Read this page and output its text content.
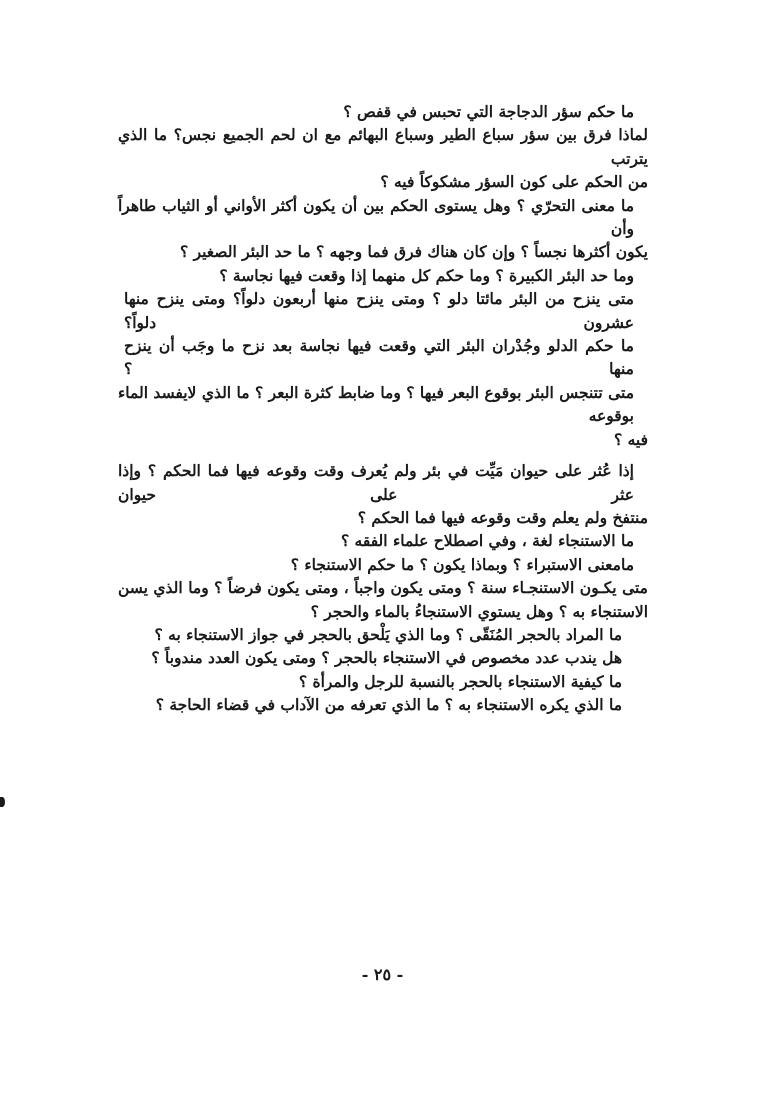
ما حكم سؤر الدجاجة التي تحبس في قفص ؟
لماذا فرق بين سؤر سباع الطير وسباع البهائم مع ان لحم الجميع نجس؟ ما الذي يترتب
من الحكم على كون السؤر مشكوكاً فيه ؟
ما معنى التحرّي ؟ وهل يستوى الحكم بين أن يكون أكثر الأواني أو الثياب طاهراً وأن
يكون أكثرها نجساً ؟ وإن كان هناك فرق فما وجهه ؟ ما حد البئر الصغير ؟
وما حد البئر الكبيرة ؟ وما حكم كل منهما إذا وقعت فيها نجاسة ؟
متى ينزح من البئر مائتا دلو ؟ ومتى ينزح منها أربعون دلواً؟ ومتى ينزح منها عشرون دلواً؟
ما حكم الدلو وجُدْران البئر التي وقعت فيها نجاسة بعد نزح ما وجَب أن ينزح منها ؟
متى تتنجس البئر بوقوع البعر فيها ؟ وما ضابط كثرة البعر ؟ ما الذي لايفسد الماء بوقوعه
فيه ؟
إذا عُثر على حيوان مَيِّت في بئر ولم يُعرف وقت وقوعه فيها فما الحكم ؟ وإذا عثر على حيوان
منتفخ ولم يعلم وقت وقوعه فيها فما الحكم ؟
ما الاستنجاء لغة ، وفي اصطلاح علماء الفقه ؟
مامعنى الاستبراء ؟ وبماذا يكون ؟ ما حكم الاستنجاء ؟
متى يكـون الاستنجـاء سنة ؟ ومتى يكون واجباً ، ومتى يكون فرضاً ؟ وما الذي يسن
الاستنجاء به ؟ وهل يستوي الاستنجاءُ بالماء والحجر ؟
ما المراد بالحجر المُنَقّى ؟ وما الذي يَلْحق بالحجر في جواز الاستنجاء به ؟
هل يندب عدد مخصوص في الاستنجاء بالحجر ؟ ومتى يكون العدد مندوباً ؟
ما كيفية الاستنجاء بالحجر بالنسبة للرجل والمرأة ؟
ما الذي يكره الاستنجاء به ؟ ما الذي تعرفه من الآداب في قضاء الحاجة ؟
- ٢٥ -
